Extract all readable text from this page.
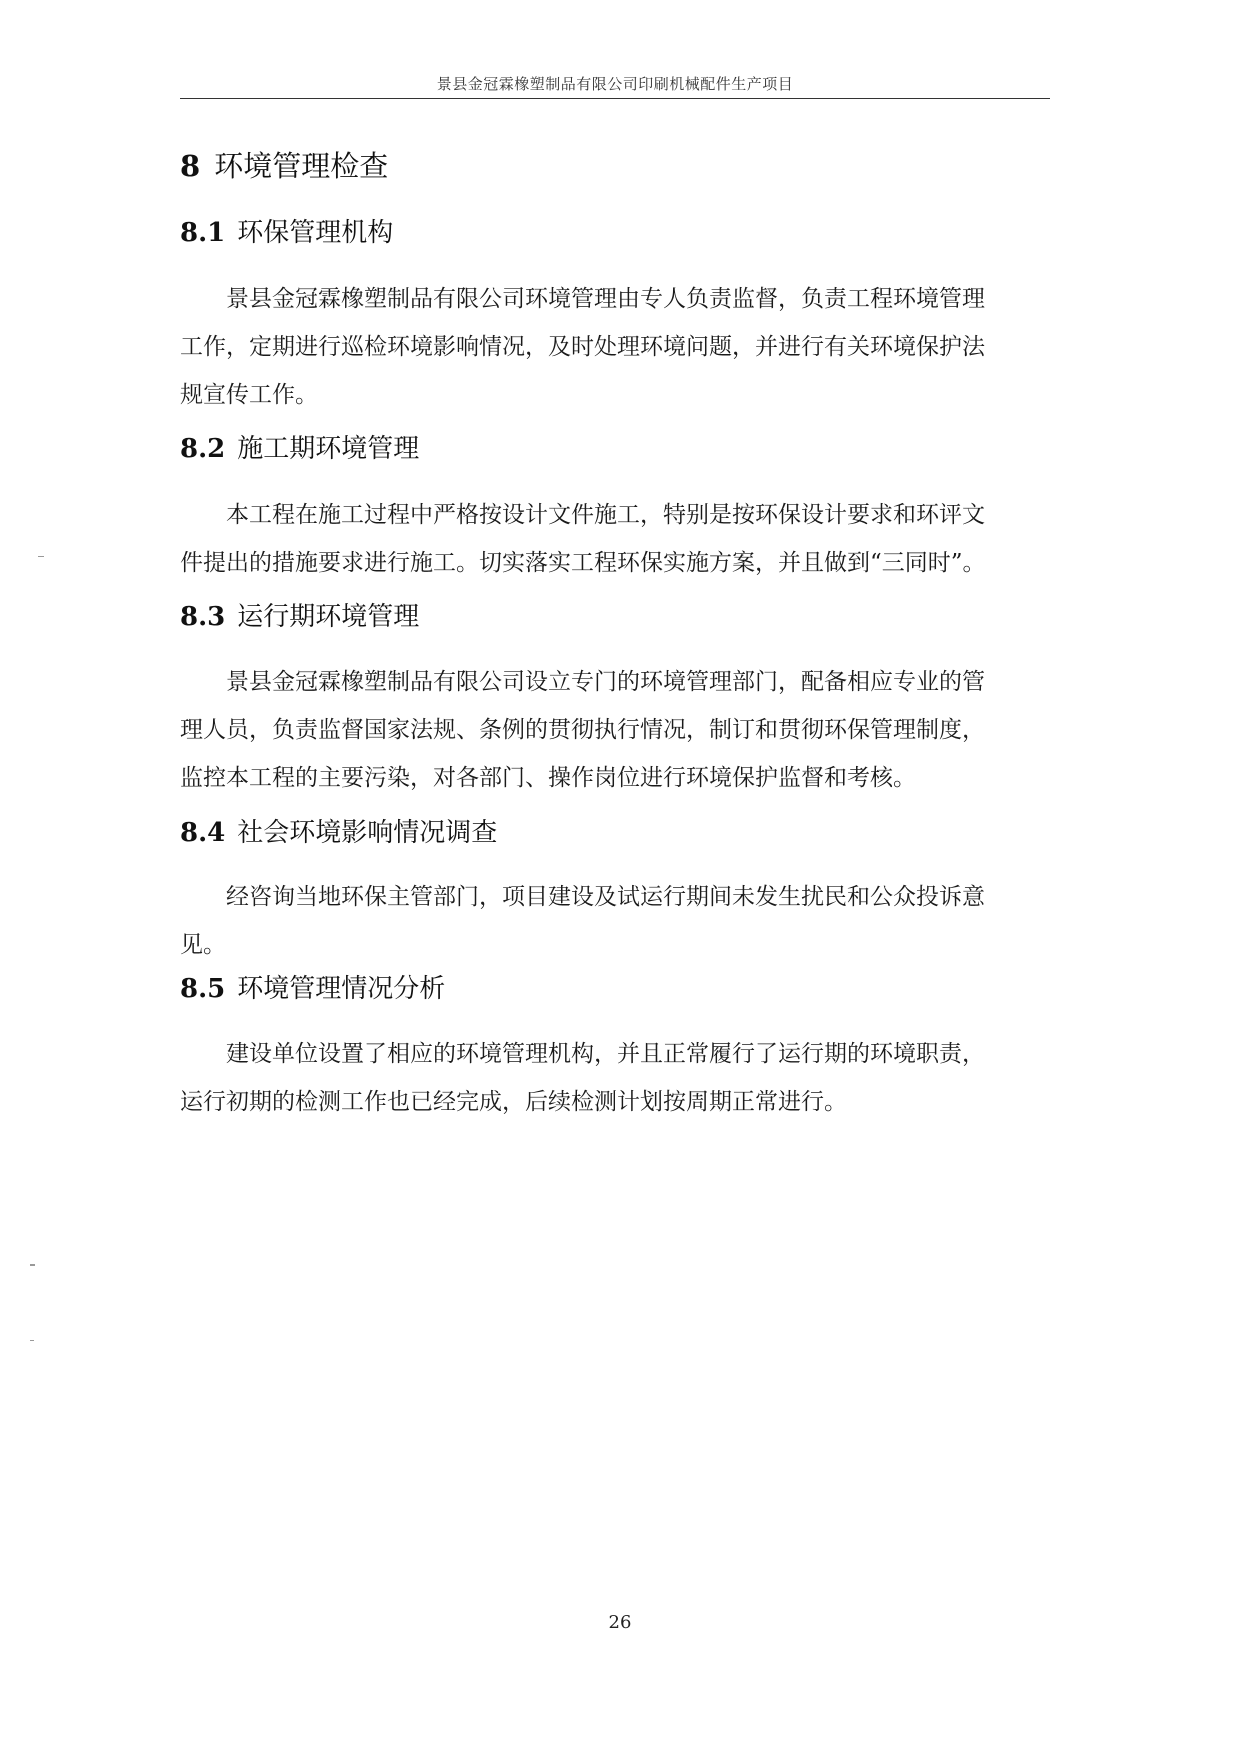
景县金冠霖橡塑制品有限公司印刷机械配件生产项目
8 环境管理检查
8.1 环保管理机构
景县金冠霖橡塑制品有限公司环境管理由专人负责监督，负责工程环境管理
工作，定期进行巡检环境影响情况，及时处理环境问题，并进行有关环境保护法
规宣传工作。
8.2 施工期环境管理
本工程在施工过程中严格按设计文件施工，特别是按环保设计要求和环评文
件提出的措施要求进行施工。切实落实工程环保实施方案，并且做到“三同时”。
8.3 运行期环境管理
景县金冠霖橡塑制品有限公司设立专门的环境管理部门，配备相应专业的管
理人员，负责监督国家法规、条例的贯彻执行情况，制订和贯彻环保管理制度，
监控本工程的主要污染，对各部门、操作岗位进行环境保护监督和考核。
8.4 社会环境影响情况调查
经咨询当地环保主管部门，项目建设及试运行期间未发生扰民和公众投诉意
见。
8.5 环境管理情况分析
建设单位设置了相应的环境管理机构，并且正常履行了运行期的环境职责，
运行初期的检测工作也已经完成，后续检测计划按周期正常进行。
26
